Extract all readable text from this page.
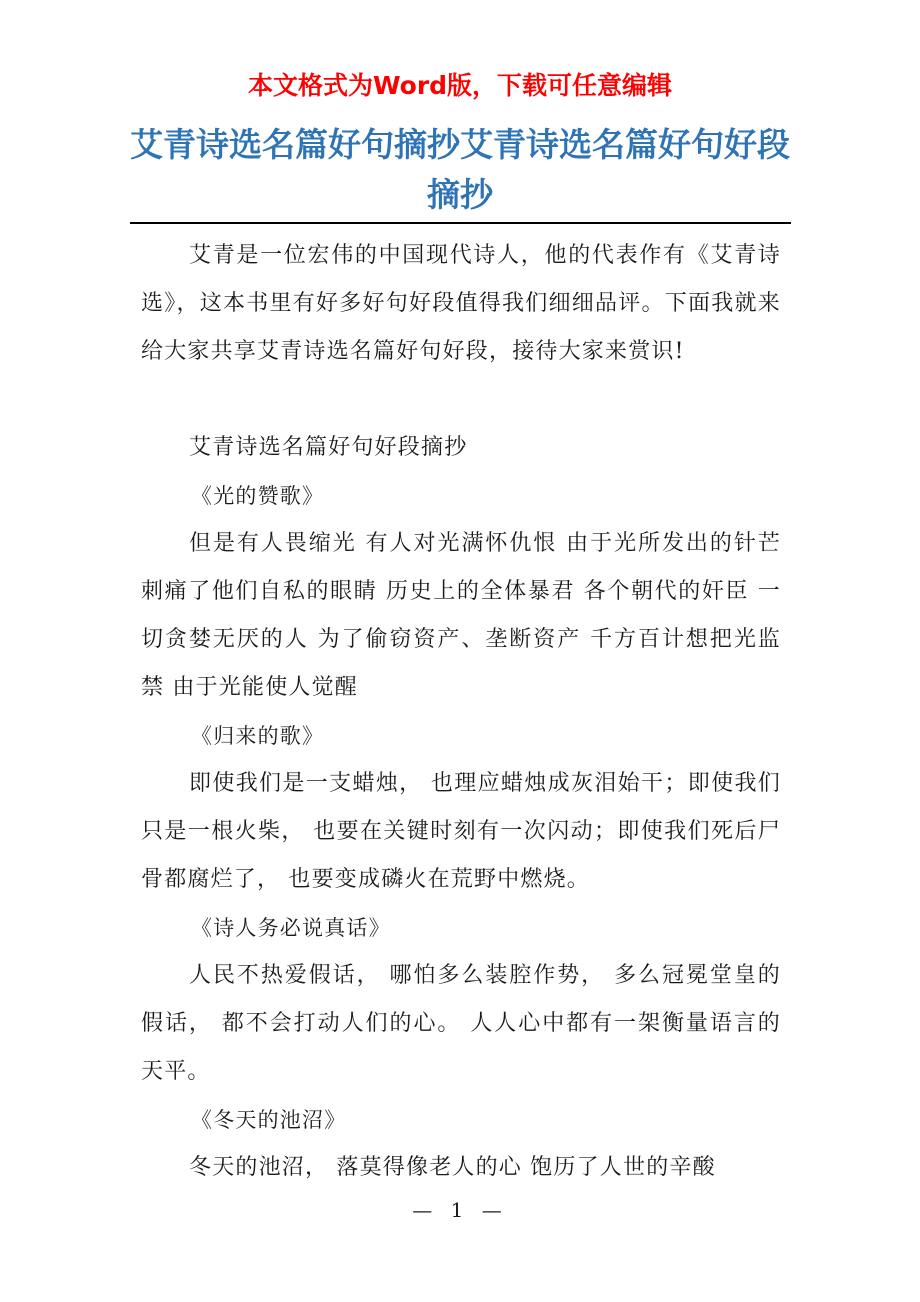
本文格式为Word版，下载可任意编辑
艾青诗选名篇好句摘抄艾青诗选名篇好句好段摘抄

艾青是一位宏伟的中国现代诗人，他的代表作有《艾青诗选》，这本书里有好多好句好段值得我们细细品评。下面我就来给大家共享艾青诗选名篇好句好段，接待大家来赏识!

艾青诗选名篇好句好段摘抄

《光的赞歌》

但是有人畏缩光 有人对光满怀仇恨 由于光所发出的针芒 刺痛了他们自私的眼睛 历史上的全体暴君 各个朝代的奸臣 一切贪婪无厌的人 为了偷窃资产、垄断资产 千方百计想把光监禁 由于光能使人觉醒

《归来的歌》

即使我们是一支蜡烛， 也理应蜡烛成灰泪始干；即使我们只是一根火柴， 也要在关键时刻有一次闪动；即使我们死后尸骨都腐烂了， 也要变成磷火在荒野中燃烧。

《诗人务必说真话》

人民不热爱假话， 哪怕多么装腔作势， 多么冠冕堂皇的假话， 都不会打动人们的心。 人人心中都有一架衡量语言的天平。

《冬天的池沼》

冬天的池沼， 落莫得像老人的心 饱历了人世的辛酸

— 1 —
